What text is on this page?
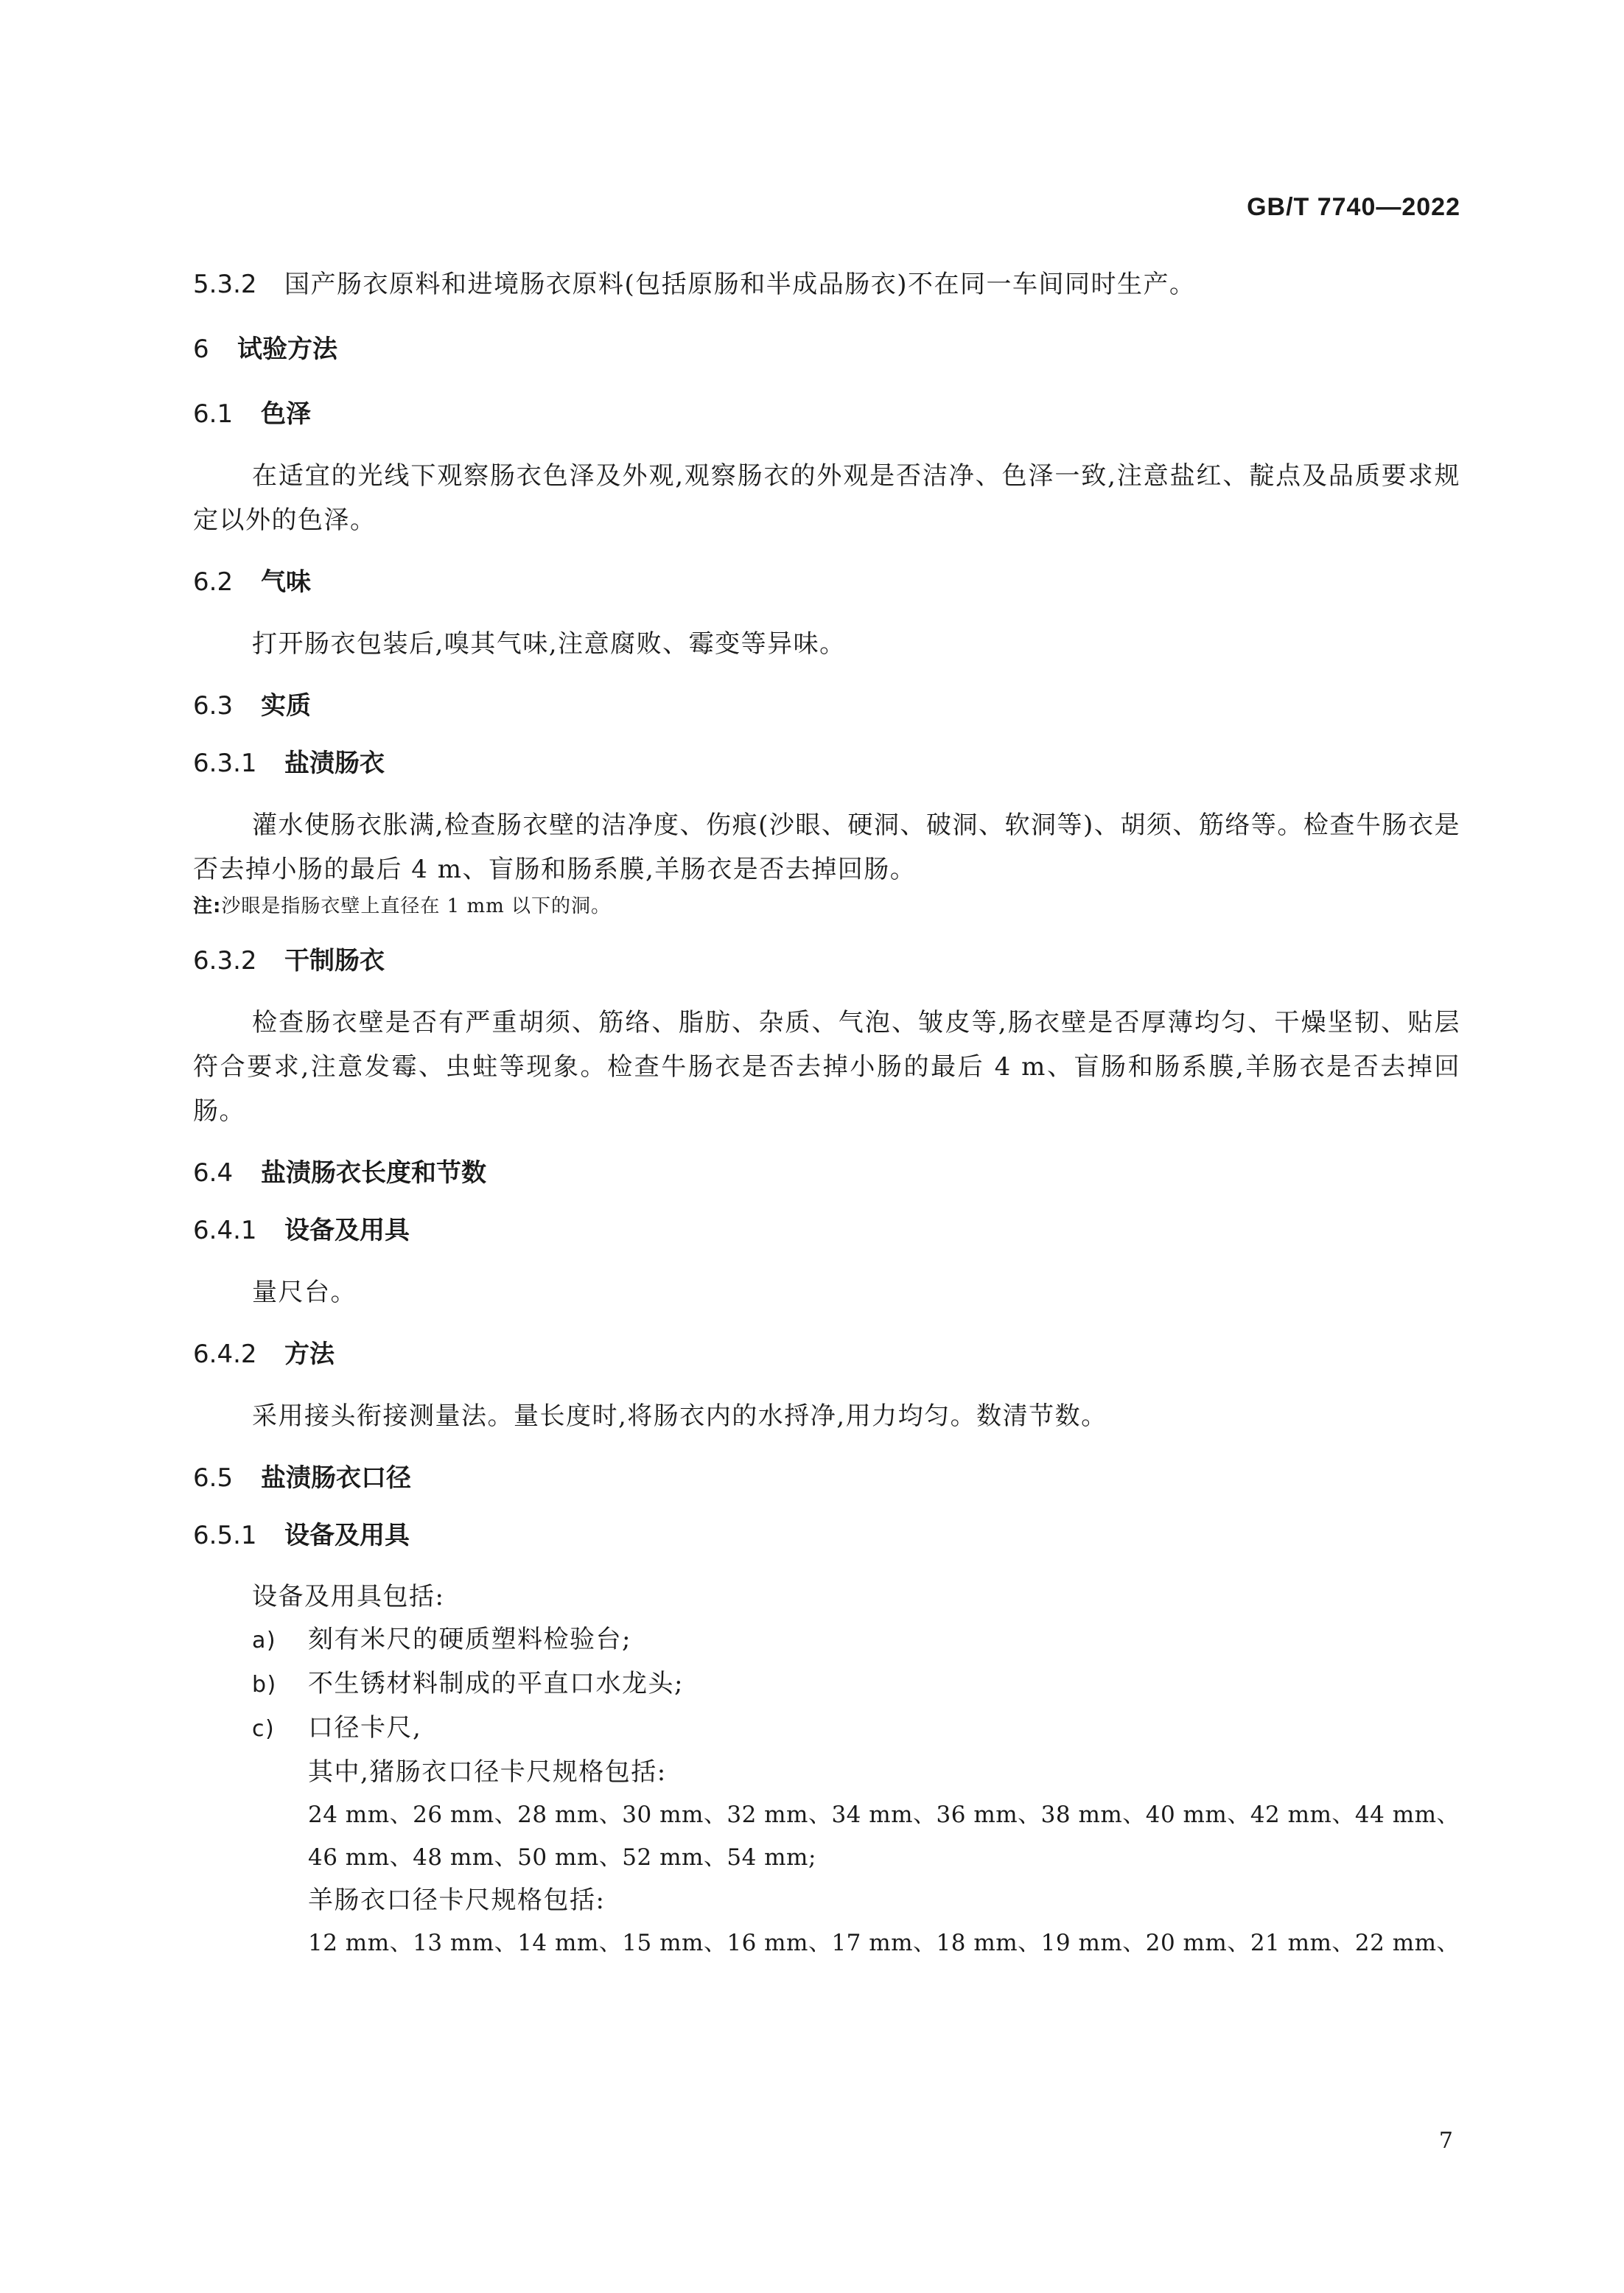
GB/T 7740—2022
5.3.2 国产肠衣原料和进境肠衣原料(包括原肠和半成品肠衣)不在同一车间同时生产。
6 试验方法
6.1 色泽
在适宜的光线下观察肠衣色泽及外观,观察肠衣的外观是否洁净、色泽一致,注意盐红、靛点及品质要求规定以外的色泽。
6.2 气味
打开肠衣包装后,嗅其气味,注意腐败、霉变等异味。
6.3 实质
6.3.1 盐渍肠衣
灌水使肠衣胀满,检查肠衣壁的洁净度、伤痕(沙眼、硬洞、破洞、软洞等)、胡须、筋络等。检查牛肠衣是否去掉小肠的最后 4 m、盲肠和肠系膜,羊肠衣是否去掉回肠。
注:沙眼是指肠衣壁上直径在 1 mm 以下的洞。
6.3.2 干制肠衣
检查肠衣壁是否有严重胡须、筋络、脂肪、杂质、气泡、皱皮等,肠衣壁是否厚薄均匀、干燥坚韧、贴层符合要求,注意发霉、虫蛀等现象。检查牛肠衣是否去掉小肠的最后 4 m、盲肠和肠系膜,羊肠衣是否去掉回肠。
6.4 盐渍肠衣长度和节数
6.4.1 设备及用具
量尺台。
6.4.2 方法
采用接头衔接测量法。量长度时,将肠衣内的水捋净,用力均匀。数清节数。
6.5 盐渍肠衣口径
6.5.1 设备及用具
设备及用具包括:
a) 刻有米尺的硬质塑料检验台;
b) 不生锈材料制成的平直口水龙头;
c) 口径卡尺,
其中,猪肠衣口径卡尺规格包括:
24 mm、26 mm、28 mm、30 mm、32 mm、34 mm、36 mm、38 mm、40 mm、42 mm、44 mm、
46 mm、48 mm、50 mm、52 mm、54 mm;
羊肠衣口径卡尺规格包括:
12 mm、13 mm、14 mm、15 mm、16 mm、17 mm、18 mm、19 mm、20 mm、21 mm、22 mm、
7
